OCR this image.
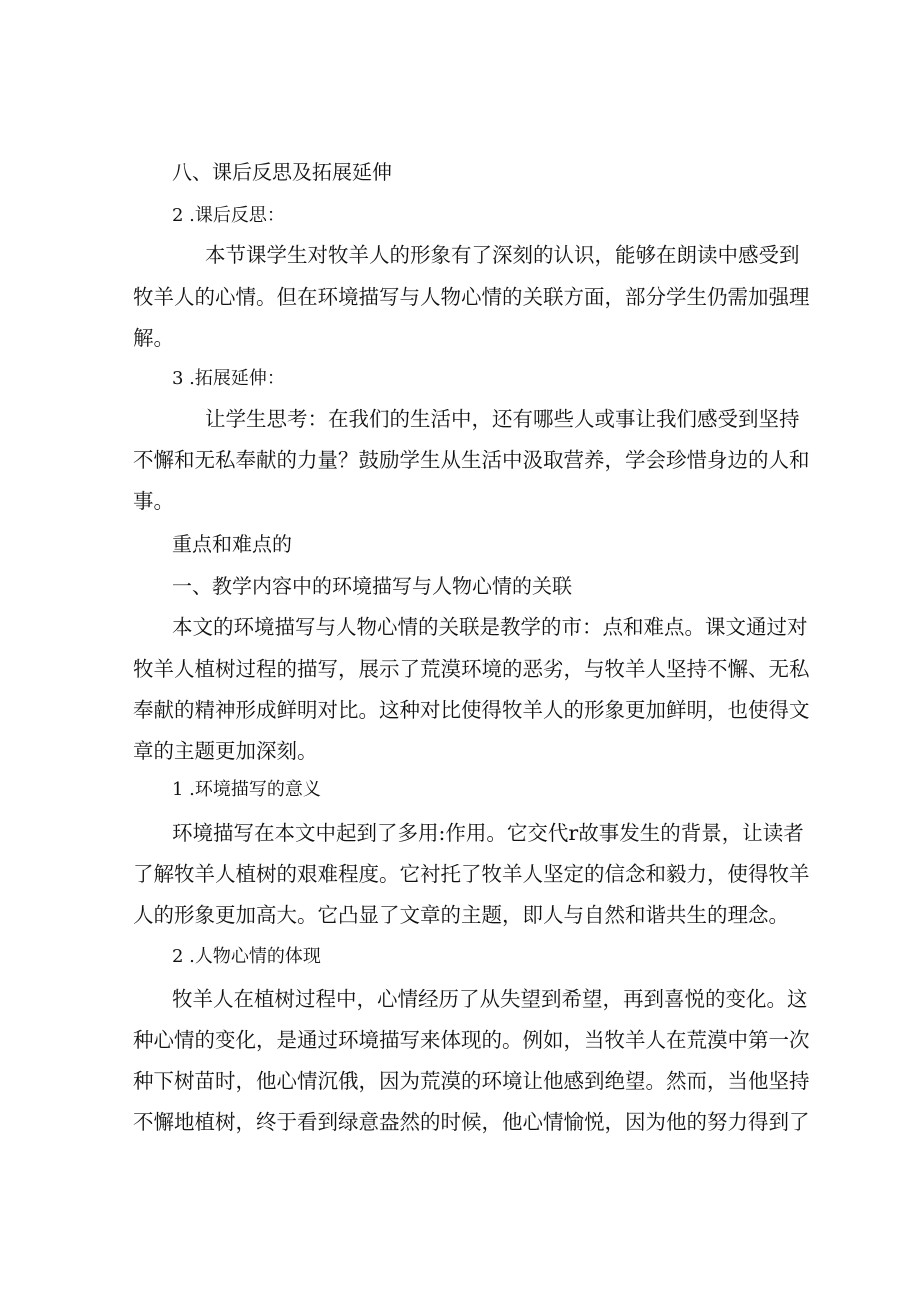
八、课后反思及拓展延伸
2 .课后反思：
本节课学生对牧羊人的形象有了深刻的认识，能够在朗读中感受到
牧羊人的心情。但在环境描写与人物心情的关联方面，部分学生仍需加强理
解。
3 .拓展延伸：
让学生思考：在我们的生活中，还有哪些人或事让我们感受到坚持
不懈和无私奉献的力量？鼓励学生从生活中汲取营养，学会珍惜身边的人和
事。
重点和难点的
一、教学内容中的环境描写与人物心情的关联
本文的环境描写与人物心情的关联是教学的市：点和难点。课文通过对
牧羊人植树过程的描写，展示了荒漠环境的恶劣，与牧羊人坚持不懈、无私
奉献的精神形成鲜明对比。这种对比使得牧羊人的形象更加鲜明，也使得文
章的主题更加深刻。
1 .环境描写的意义
环境描写在本文中起到了多用:作用。它交代r故事发生的背景，让读者
了解牧羊人植树的艰难程度。它衬托了牧羊人坚定的信念和毅力，使得牧羊
人的形象更加高大。它凸显了文章的主题，即人与自然和谐共生的理念。
2 .人物心情的体现
牧羊人在植树过程中，心情经历了从失望到希望，再到喜悦的变化。这
种心情的变化，是通过环境描写来体现的。例如，当牧羊人在荒漠中第一次
种下树苗时，他心情沉俄，因为荒漠的环境让他感到绝望。然而，当他坚持
不懈地植树，终于看到绿意盎然的时候，他心情愉悦，因为他的努力得到了
